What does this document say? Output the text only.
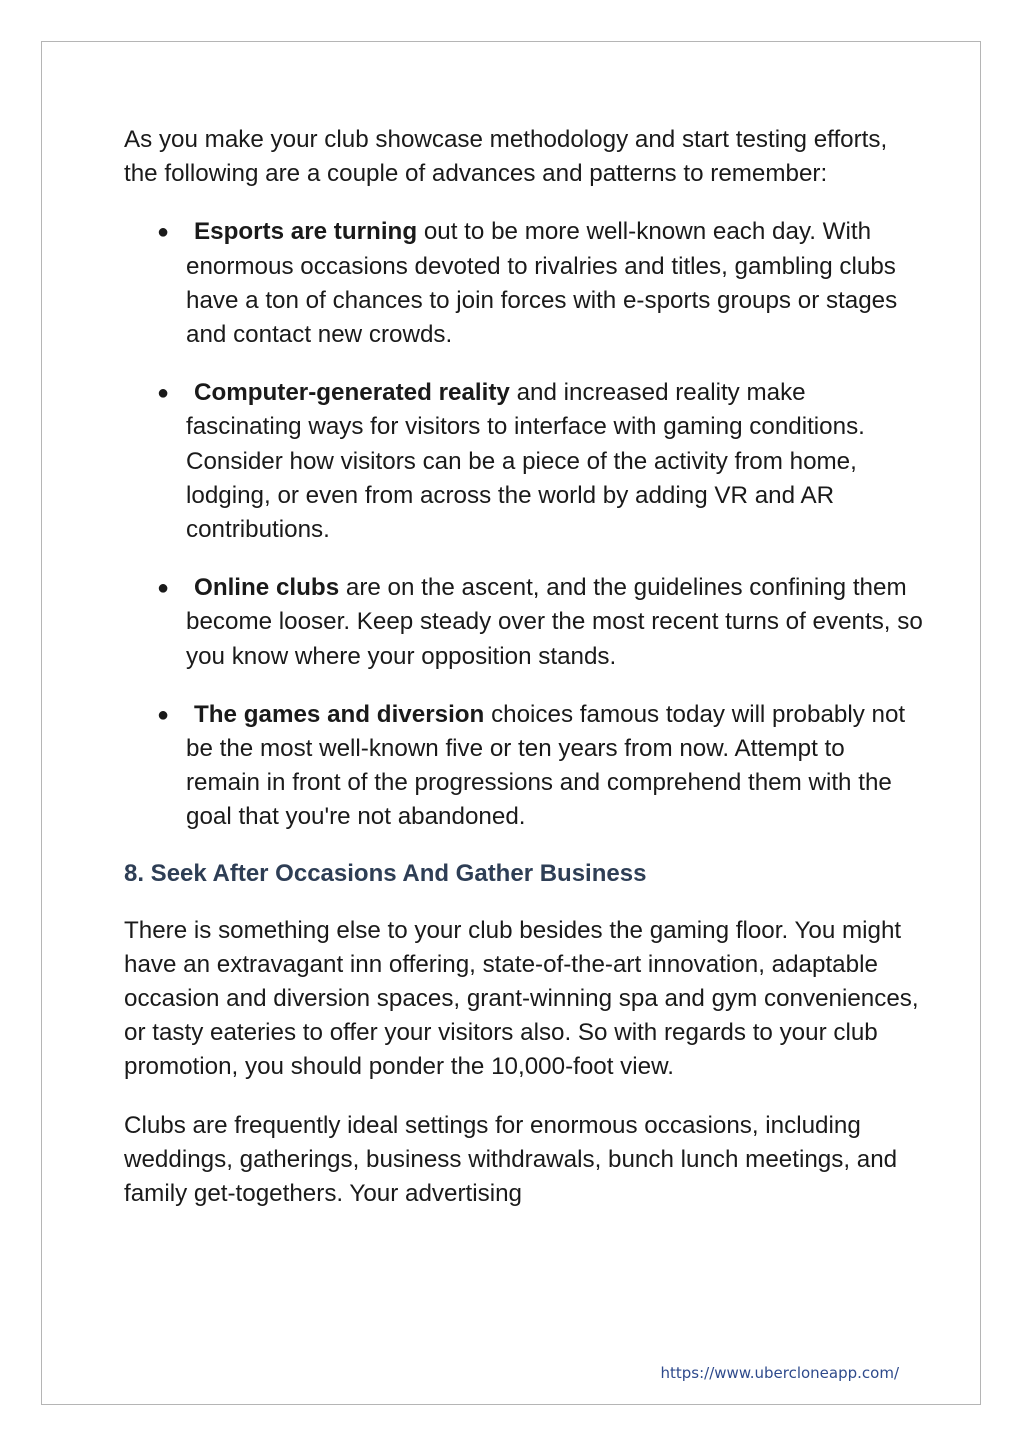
As you make your club showcase methodology and start testing efforts, the following are a couple of advances and patterns to remember:

●	Esports are turning out to be more well-known each day. With enormous occasions devoted to rivalries and titles, gambling clubs have a ton of chances to join forces with e-sports groups or stages and contact new crowds.
●	Computer-generated reality and increased reality make fascinating ways for visitors to interface with gaming conditions. Consider how visitors can be a piece of the activity from home, lodging, or even from across the world by adding VR and AR contributions.
●	Online clubs are on the ascent, and the guidelines confining them become looser. Keep steady over the most recent turns of events, so you know where your opposition stands.
●	The games and diversion choices famous today will probably not be the most well-known five or ten years from now. Attempt to remain in front of the progressions and comprehend them with the goal that you're not abandoned.
8. Seek After Occasions And Gather Business

There is something else to your club besides the gaming floor. You might have an extravagant inn offering, state-of-the-art innovation, adaptable occasion and diversion spaces, grant-winning spa and gym conveniences, or tasty eateries to offer your visitors also. So with regards to your club promotion, you should ponder the 10,000-foot view.

Clubs are frequently ideal settings for enormous occasions, including weddings, gatherings, business withdrawals, bunch lunch meetings, and family get-togethers. Your advertising

https://www.ubercloneapp.com/
